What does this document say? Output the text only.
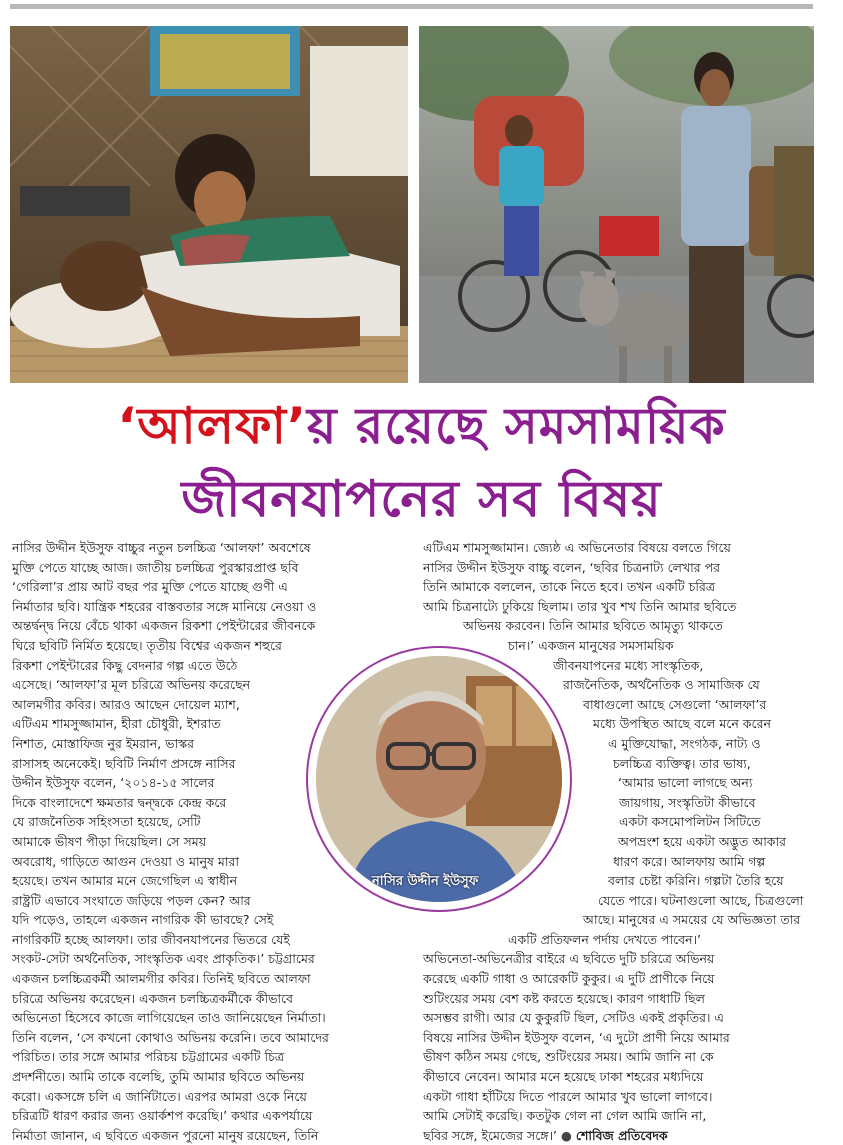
‘আলফা’য় রয়েছে সমসাময়িক
জীবনযাপনের সব বিষয়
নাসির উদ্দীন ইউসুফ বাচ্চুর নতুন চলচ্চিত্র ‘আলফা’ অবশেষে
মুক্তি পেতে যাচ্ছে আজ। জাতীয় চলচ্চিত্র পুরস্কারপ্রাপ্ত ছবি
‘গেরিলা’র প্রায় আট বছর পর মুক্তি পেতে যাচ্ছে গুণী এ
নির্মাতার ছবি। যান্ত্রিক শহরের বাস্তবতার সঙ্গে মানিয়ে নেওয়া ও
অন্তর্দ্বন্দ্ব নিয়ে বেঁচে থাকা একজন রিকশা পেইন্টারের জীবনকে
ঘিরে ছবিটি নির্মিত হয়েছে। তৃতীয় বিশ্বের একজন শহুরে
রিকশা পেইন্টারের কিছু বেদনার গল্প এতে উঠে
এসেছে। ‘আলফা’র মূল চরিত্রে অভিনয় করেছেন
আলমগীর কবির। আরও আছেন দোয়েল ম্যাশ,
এটিএম শামসুজ্জামান, হীরা চৌধুরী, ইশরাত
নিশাত, মোস্তাফিজ নুর ইমরান, ভাস্কর
রাসাসহ অনেকেই। ছবিটি নির্মাণ প্রসঙ্গে নাসির
উদ্দীন ইউসুফ বলেন, ‘২০১৪-১৫ সালের
দিকে বাংলাদেশে ক্ষমতার দ্বন্দ্বকে কেন্দ্র করে
যে রাজনৈতিক সহিংসতা হয়েছে, সেটি
আমাকে ভীষণ পীড়া দিয়েছিল। সে সময়
অবরোধ, গাড়িতে আগুন দেওয়া ও মানুষ মারা
হয়েছে। তখন আমার মনে জেগেছিল এ স্বাধীন
রাষ্ট্রটি এভাবে সংঘাতে জড়িয়ে পড়ল কেন? আর
যদি পড়েও, তাহলে একজন নাগরিক কী ভাবছে? সেই
নাগরিকটি হচ্ছে আলফা। তার জীবনযাপনের ভিতরে যেই
সংকট-সেটা অর্থনৈতিক, সাংস্কৃতিক এবং প্রাকৃতিক।’ চট্টগ্রামের
একজন চলচ্চিত্রকর্মী আলমগীর কবির। তিনিই ছবিতে আলফা
চরিত্রে অভিনয় করেছেন। একজন চলচ্চিত্রকর্মীকে কীভাবে
অভিনেতা হিসেবে কাজে লাগিয়েছেন তাও জানিয়েছেন নির্মাতা।
তিনি বলেন, ‘সে কখনো কোথাও অভিনয় করেনি। তবে আমাদের
পরিচিত। তার সঙ্গে আমার পরিচয় চট্টগ্রামের একটি চিত্র
প্রদর্শনীতে। আমি তাকে বলেছি, তুমি আমার ছবিতে অভিনয়
করো। একসঙ্গে চলি এ জার্নিটাতে। এরপর আমরা ওকে নিয়ে
চরিত্রটি ধারণ করার জন্য ওয়ার্কশপ করেছি।’ কথার একপর্যায়ে
নির্মাতা জানান, এ ছবিতে একজন পুরনো মানুষ রয়েছেন, তিনি
এটিএম শামসুজ্জামান। জ্যেষ্ঠ এ অভিনেতার বিষয়ে বলতে গিয়ে
নাসির উদ্দীন ইউসুফ বাচ্চু বলেন, ‘ছবির চিত্রনাট্য লেখার পর
তিনি আমাকে বললেন, তাকে নিতে হবে। তখন একটি চরিত্র
আমি চিত্রনাট্যে ঢুকিয়ে ছিলাম। তার খুব শখ তিনি আমার ছবিতে
অভিনয় করবেন। তিনি আমার ছবিতে আমৃত্যু থাকতে
চান।’ একজন মানুষের সমসাময়িক
জীবনযাপনের মধ্যে সাংস্কৃতিক,
রাজনৈতিক, অর্থনৈতিক ও সামাজিক যে
বাধাগুলো আছে সেগুলো ‘আলফা’র
মধ্যে উপস্থিত আছে বলে মনে করেন
এ মুক্তিযোদ্ধা, সংগঠক, নাট্য ও
চলচ্চিত্র ব্যক্তিত্ব। তার ভাষ্য,
‘আমার ভালো লাগছে অন্য
জায়গায়, সংস্কৃতিটা কীভাবে
একটা কসমোপলিটন সিটিতে
অপভ্রংশ হয়ে একটা অদ্ভুত আকার
ধারণ করে। আলফায় আমি গল্প
বলার চেষ্টা করিনি। গল্পটা তৈরি হয়ে
যেতে পারে। ঘটনাগুলো আছে, চিত্রগুলো
আছে। মানুষের এ সময়ের যে অভিজ্ঞতা তার
একটি প্রতিফলন পর্দায় দেখতে পাবেন।’
অভিনেতা-অভিনেত্রীর বাইরে এ ছবিতে দুটি চরিত্রে অভিনয়
করেছে একটি গাধা ও আরেকটি কুকুর। এ দুটি প্রাণীকে নিয়ে
শুটিংয়ের সময় বেশ কষ্ট করতে হয়েছে। কারণ গাধাটি ছিল
অসম্ভব রাগী। আর যে কুকুরটি ছিল, সেটিও একই প্রকৃতির। এ
বিষয়ে নাসির উদ্দীন ইউসুফ বলেন, ‘এ দুটো প্রাণী নিয়ে আমার
ভীষণ কঠিন সময় গেছে, শুটিংয়ের সময়। আমি জানি না কে
কীভাবে নেবেন। আমার মনে হয়েছে ঢাকা শহরের মধ্যদিয়ে
একটা গাধা হাঁটিয়ে দিতে পারলে আমার খুব ভালো লাগবে।
আমি সেটাই করেছি। কতটুক গেল না গেল আমি জানি না,
ছবির সঙ্গে, ইমেজের সঙ্গে।’ ● শোবিজ প্রতিবেদক
নাসির উদ্দীন ইউসুফ
